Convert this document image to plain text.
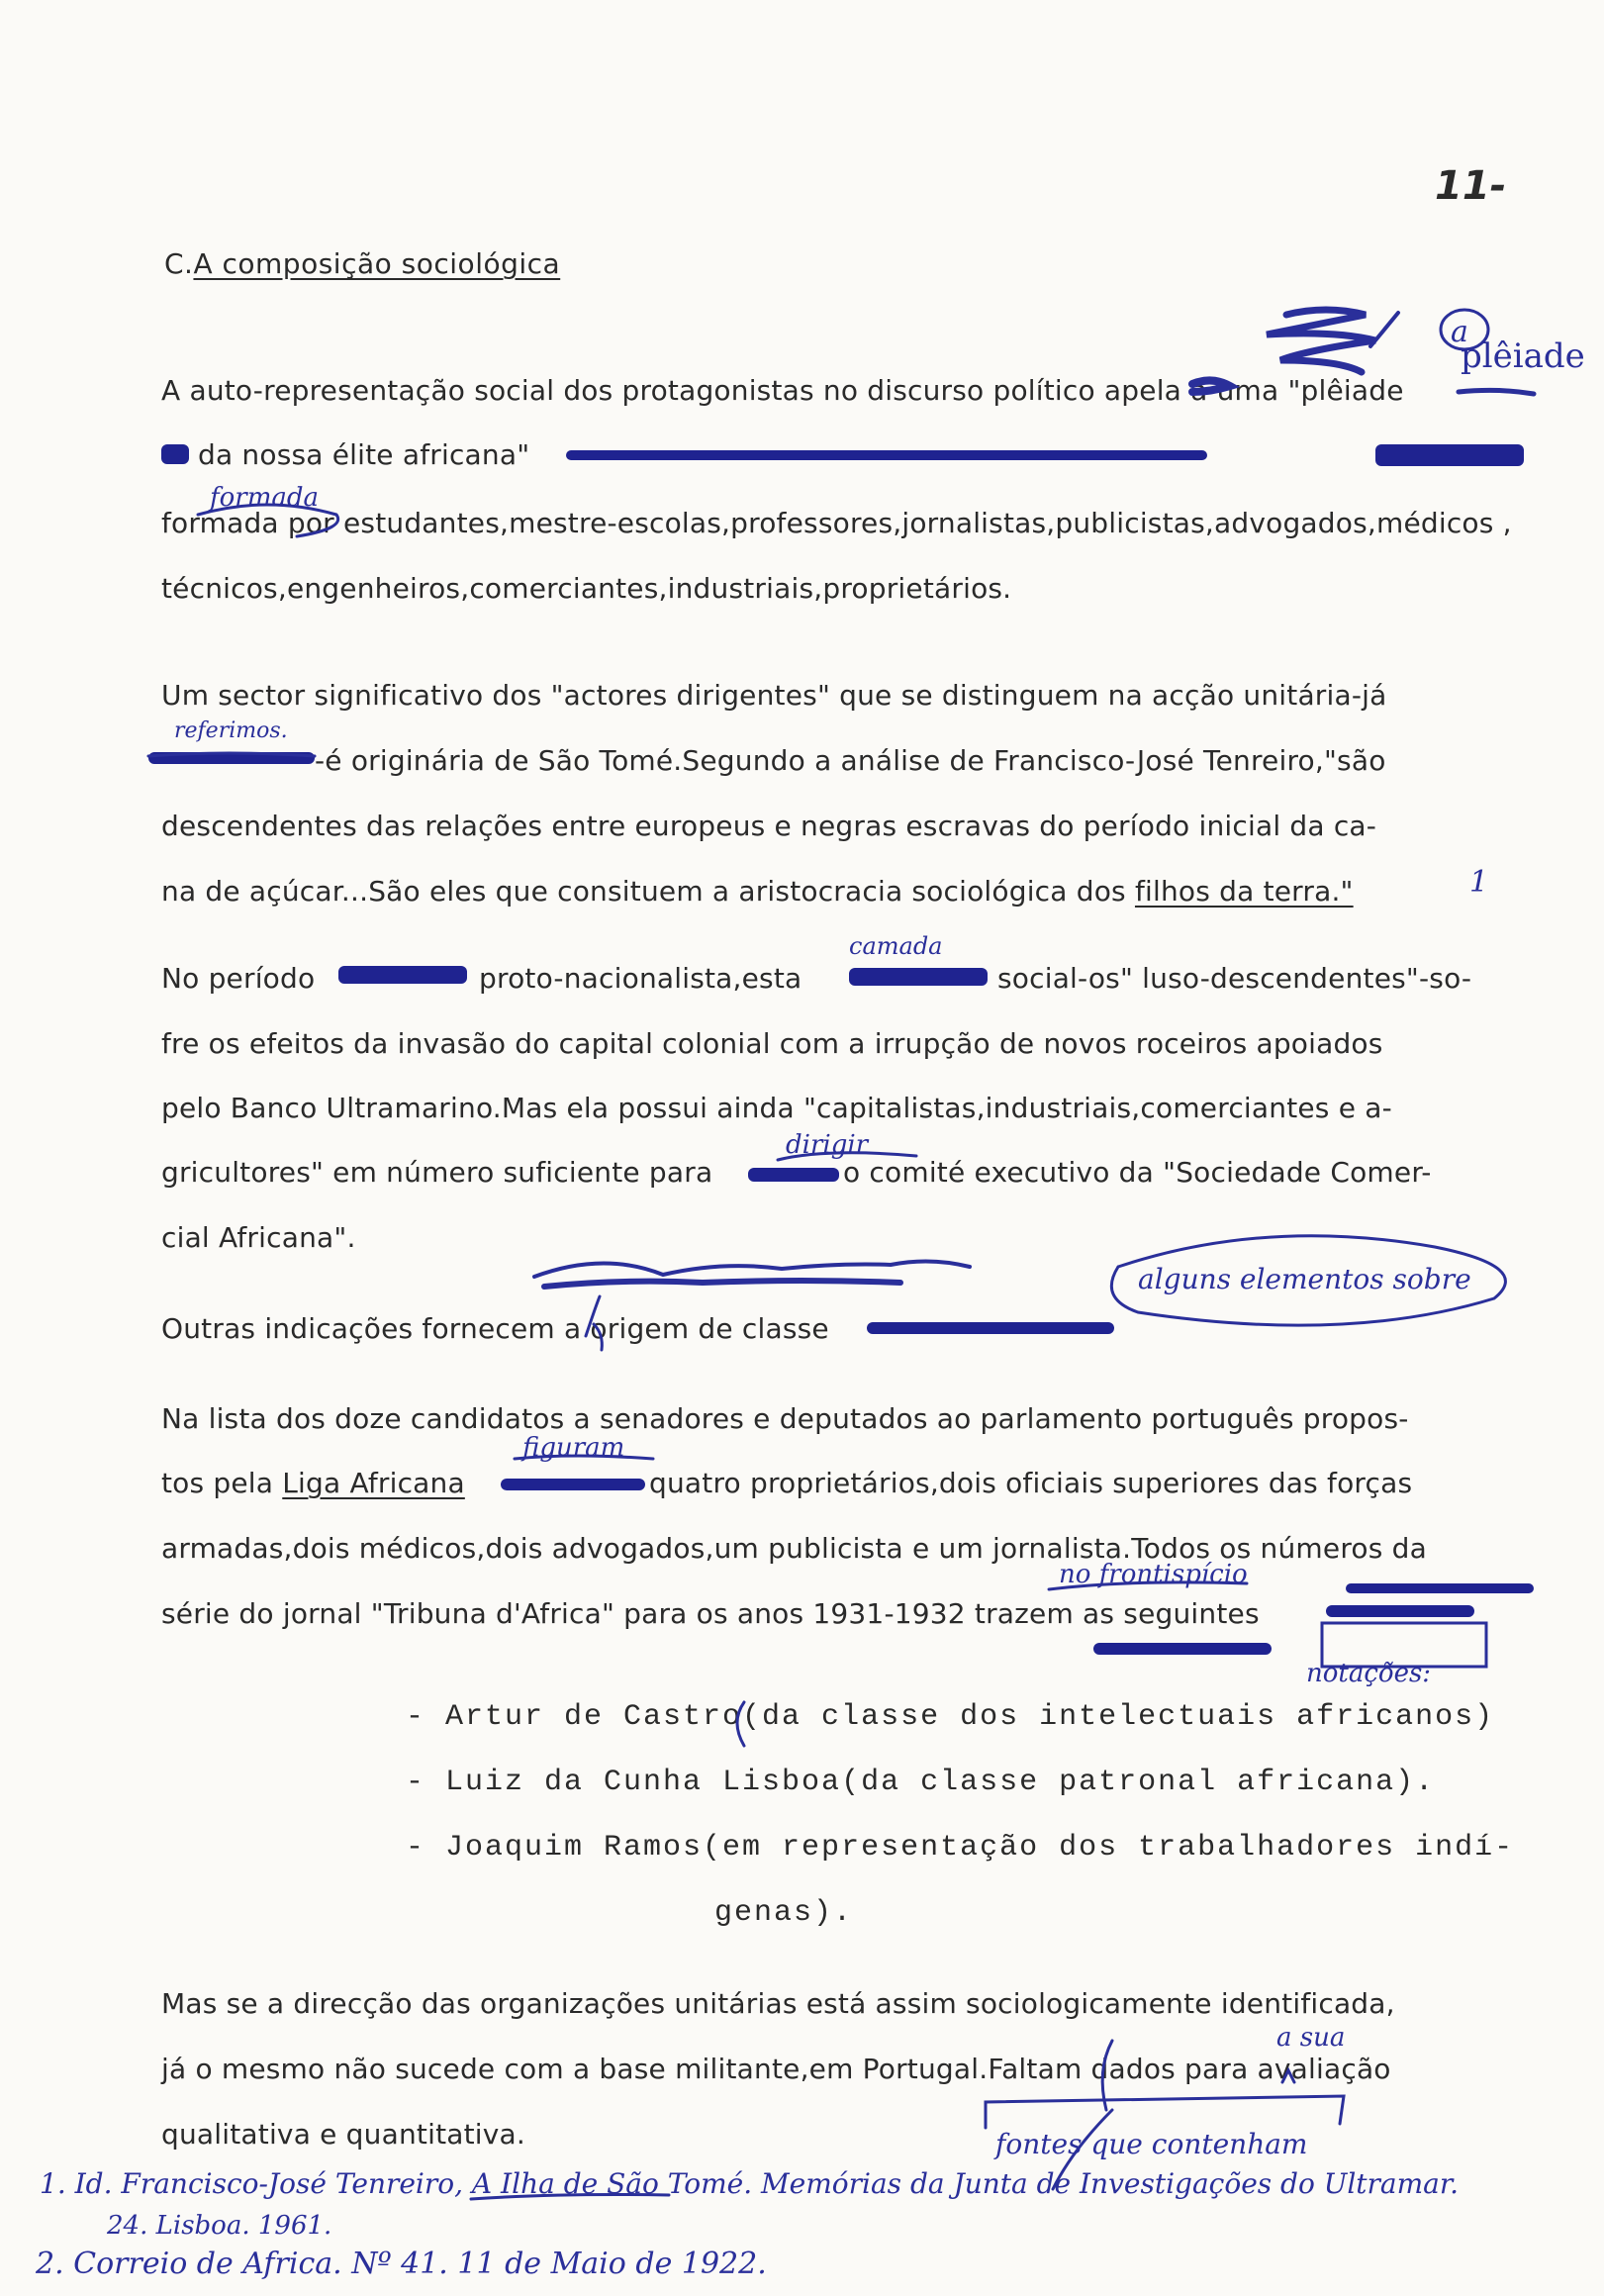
11-
C.A composição sociológica
A auto-representação social dos protagonistas no discurso político apela a uma "plêiade
da nossa élite africana"
formada por estudantes,mestre-escolas,professores,jornalistas,publicistas,advogados,médicos ,
técnicos,engenheiros,comerciantes,industriais,proprietários.
Um sector significativo dos "actores dirigentes" que se distinguem na acção unitária-já
-é originária de São Tomé.Segundo a análise de Francisco-José Tenreiro,"são
descendentes das relações entre europeus e negras escravas do período inicial da ca-
na de açúcar...São eles que consituem a aristocracia sociológica dos filhos da terra."
No período	proto-nacionalista,esta	social-os" luso-descendentes"-so-
fre os efeitos da invasão do capital colonial com a irrupção de novos roceiros apoiados
pelo Banco Ultramarino.Mas ela possui ainda "capitalistas,industriais,comerciantes e a-
gricultores" em número suficiente para	o comité executivo da "Sociedade Comer-
cial Africana".
Outras indicações fornecem a origem de classe
Na lista dos doze candidatos a senadores e deputados ao parlamento português propos-
tos pela Liga Africana	quatro proprietários,dois oficiais superiores das forças
armadas,dois médicos,dois advogados,um publicista e um jornalista.Todos os números da
série do jornal "Tribuna d'Africa" para os anos 1931-1932 trazem as seguintes
- Artur de Castro(da classe dos intelectuais africanos)
- Luiz da Cunha Lisboa(da classe patronal africana).
- Joaquim Ramos(em representação dos trabalhadores indí-
genas).
Mas se a direcção das organizações unitárias está assim sociologicamente identificada,
já o mesmo não sucede com a base militante,em Portugal.Faltam dados para avaliação
qualitativa e quantitativa.
a
plêiade
formada
referimos.
1
camada
dirigir
alguns elementos sobre
figuram
no frontispício
notações:
a sua
fontes que contenham
1. Id. Francisco-José Tenreiro, A Ilha de São Tomé. Memórias da Junta de Investigações do Ultramar.
24. Lisboa. 1961.
2. Correio de Africa. Nº 41. 11 de Maio de 1922.
